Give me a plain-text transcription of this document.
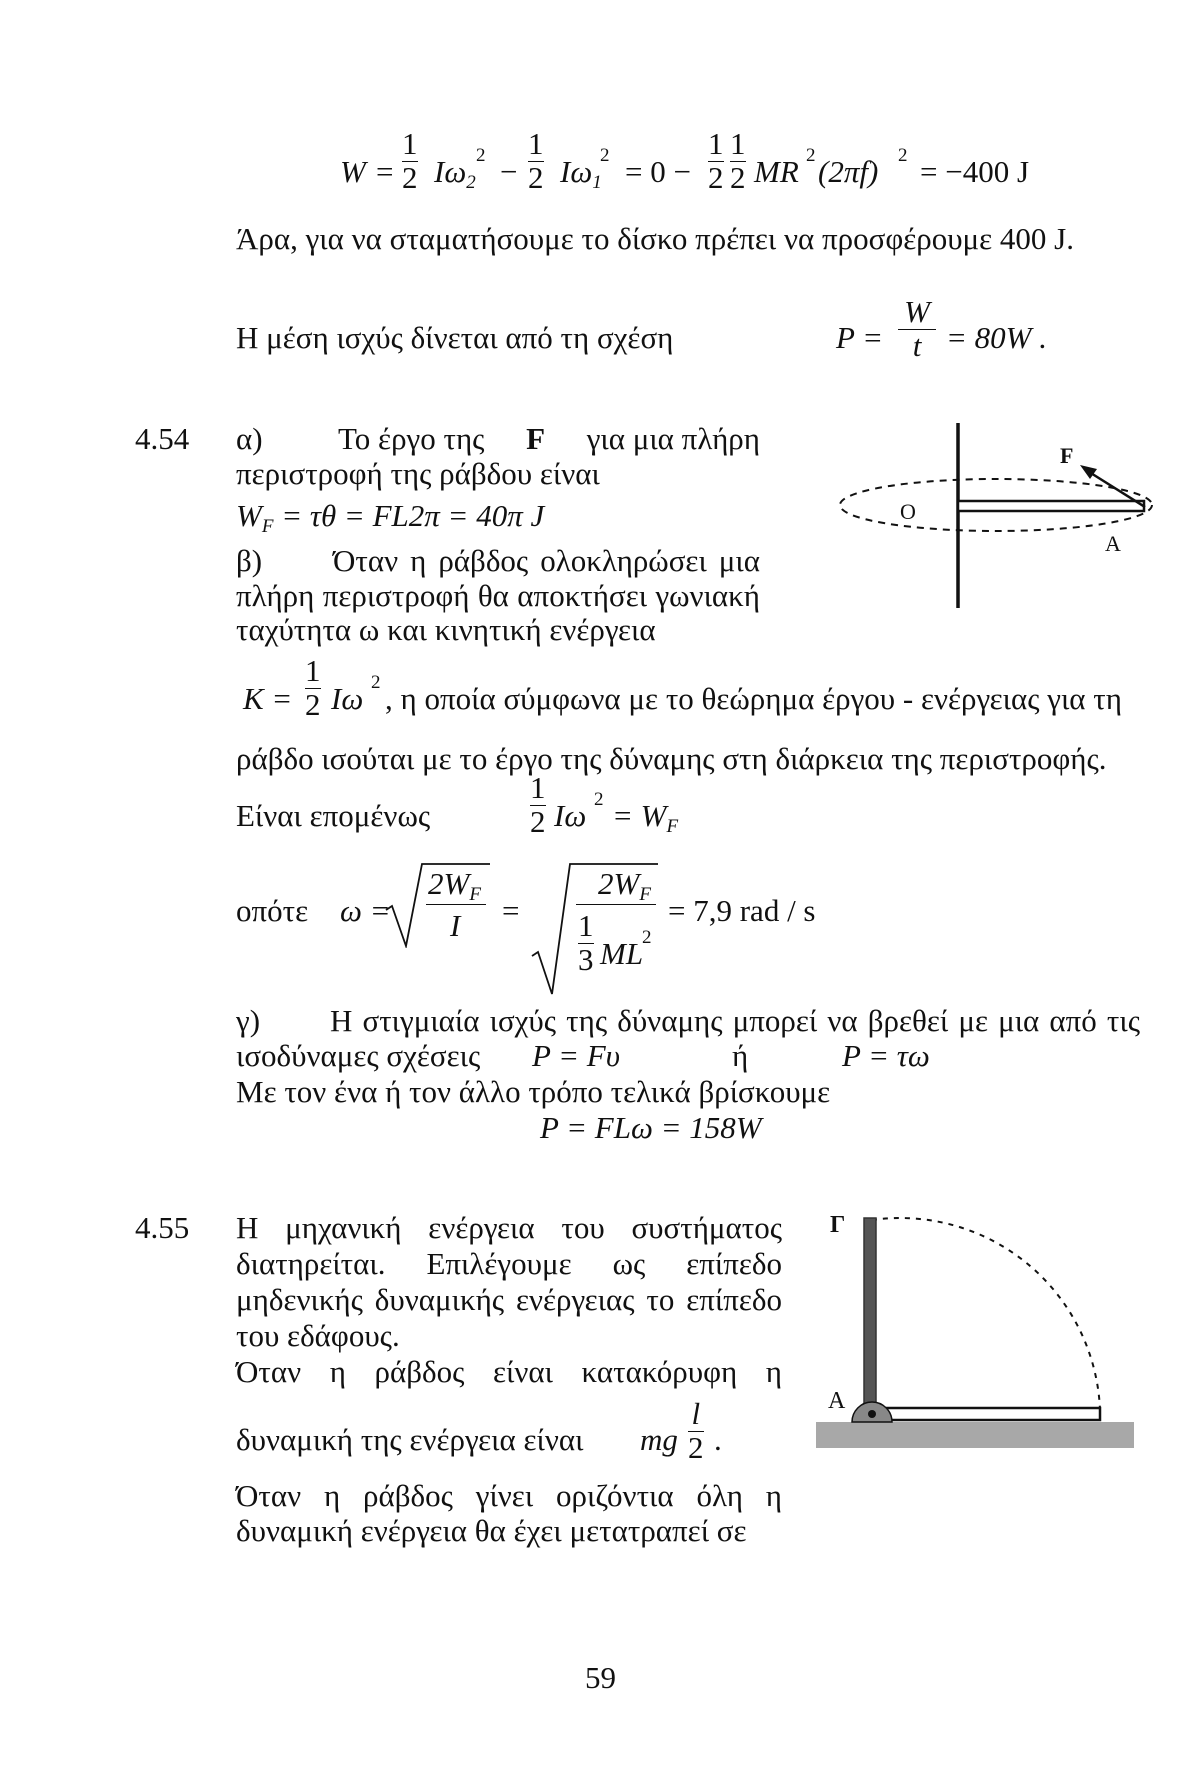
$W = \frac{1}{2} I\omega_2$
$2 - \frac{1}{2} I\omega_1$
$2 = 0 - \frac{1}{2} \frac{1}{2}$ MR 2 (2πf) 2 = −400 J
Άρα, για να σταματήσουμε το δίσκο πρέπει να προσφέρουμε 400 J.
Η μέση ισχύς δίνεται από τη σχέση	$P = \frac{W}{t} = 80W$ .
4.54 α) Το έργο της F για μια πλήρη
περιστροφή της ράβδου είναι
$W_F = \tau\theta = FL2\pi = 40\pi$ J
β) Όταν η ράβδος ολοκληρώσει μια
πλήρη περιστροφή θα αποκτήσει γωνιακή
ταχύτητα ω και κινητική ενέργεια
$K = \frac{1}{2}$ Iω 2 , η οποία σύμφωνα με το θεώρημα έργου - ενέργειας για τη
ράβδο ισούται με το έργο της δύναμης στη διάρκεια της περιστροφής.
Είναι επομένως	$\frac{1}{2}$ Iω $2 = W_F$
οπότε ω =
$2W_F$
I =
$2W_F$
$\frac{1}{3}$ ML
2
= 7,9 rad / s
γ) Η στιγμιαία ισχύς της δύναμης μπορεί να βρεθεί με μια από τις
ισοδύναμες σχέσεις P = Fυ	ή	P = τω
Με τον ένα ή τον άλλο τρόπο τελικά βρίσκουμε
P = FLω = 158W
F
O
A
4.55 Η μηχανική ενέργεια του συστήματος
διατηρείται. Επιλέγουμε ως επίπεδο
μηδενικής δυναμικής ενέργειας το επίπεδο
του εδάφους.
Όταν η ράβδος είναι κατακόρυφη η
δυναμική της ενέργεια είναι mg $\frac{l}{2}$ .
Όταν η ράβδος γίνει οριζόντια όλη η
δυναμική ενέργεια θα έχει μετατραπεί σε
Γ
A
59
